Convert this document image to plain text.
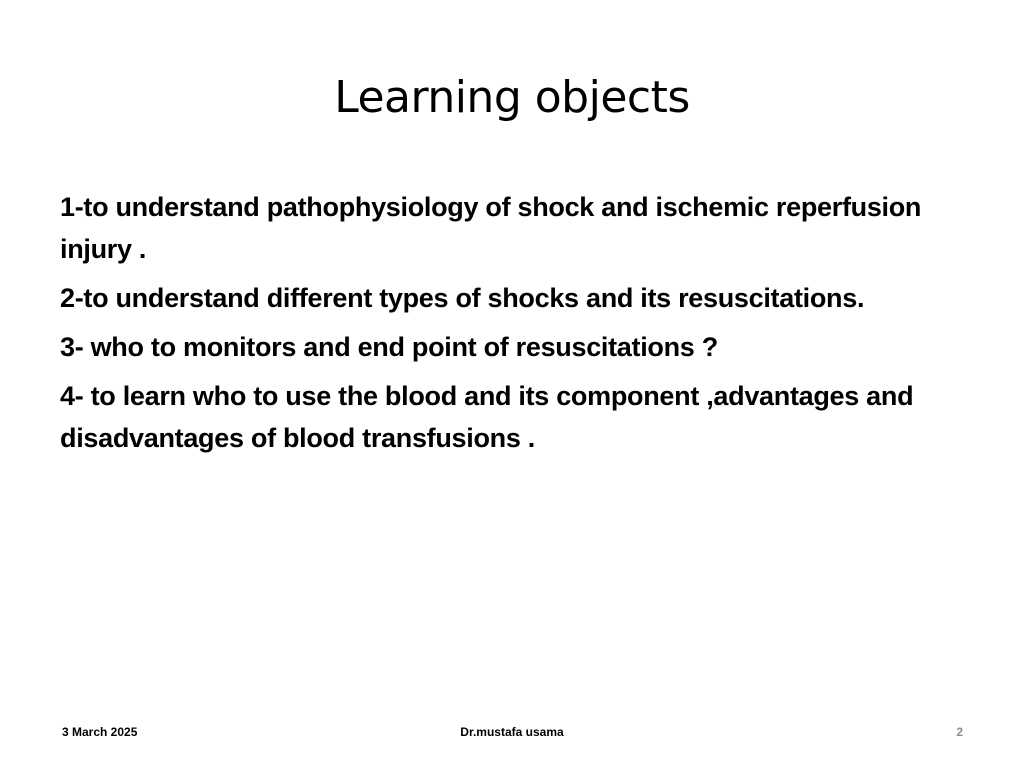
Learning objects

1-to understand pathophysiology of shock and ischemic reperfusion injury .

2-to understand different types of shocks and its resuscitations.

3- who to monitors and end point of resuscitations ?

4- to learn who to use the blood and its component ,advantages and disadvantages of blood transfusions .

Dr.mustafa usama
3 March 2025	2
